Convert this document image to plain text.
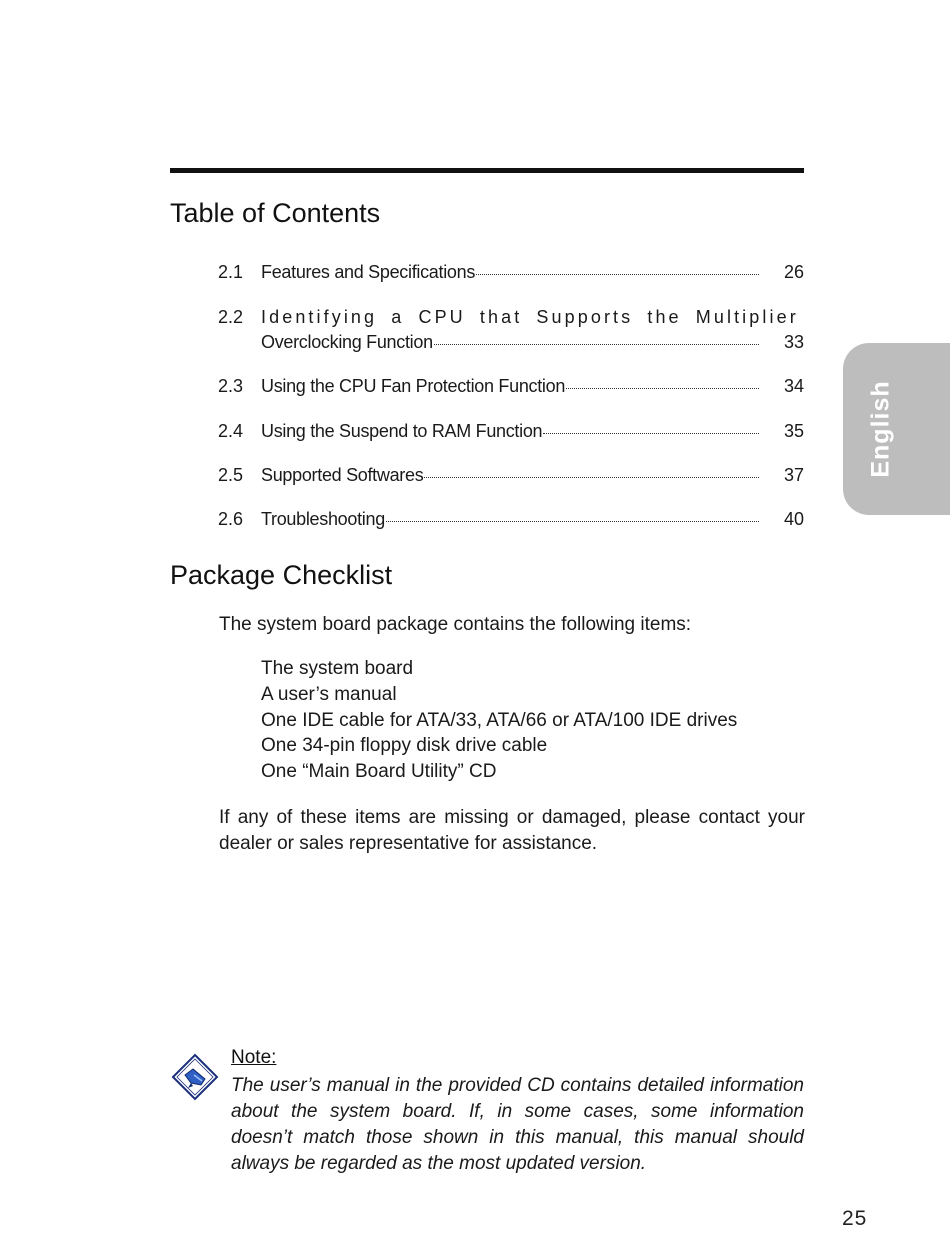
Table of Contents
2.1 Features and Specifications	26
2.2 Identifying a CPU that Supports the Multiplier
Overclocking Function	33
2.3 Using the CPU Fan Protection Function	34
2.4 Using the Suspend to RAM Function	35
2.5 Supported Softwares	37
2.6 Troubleshooting	40
Package Checklist
The system board package contains the following items:
The system board
A user’s manual
One IDE cable for ATA/33, ATA/66 or ATA/100 IDE drives
One 34-pin floppy disk drive cable
One “Main Board Utility” CD
If any of these items are missing or damaged, please contact your dealer or sales representative for assistance.
Note:
The user’s manual in the provided CD contains detailed information about the system board. If, in some cases, some information doesn’t match those shown in this manual, this manual should always be regarded as the most updated version.
English
25
